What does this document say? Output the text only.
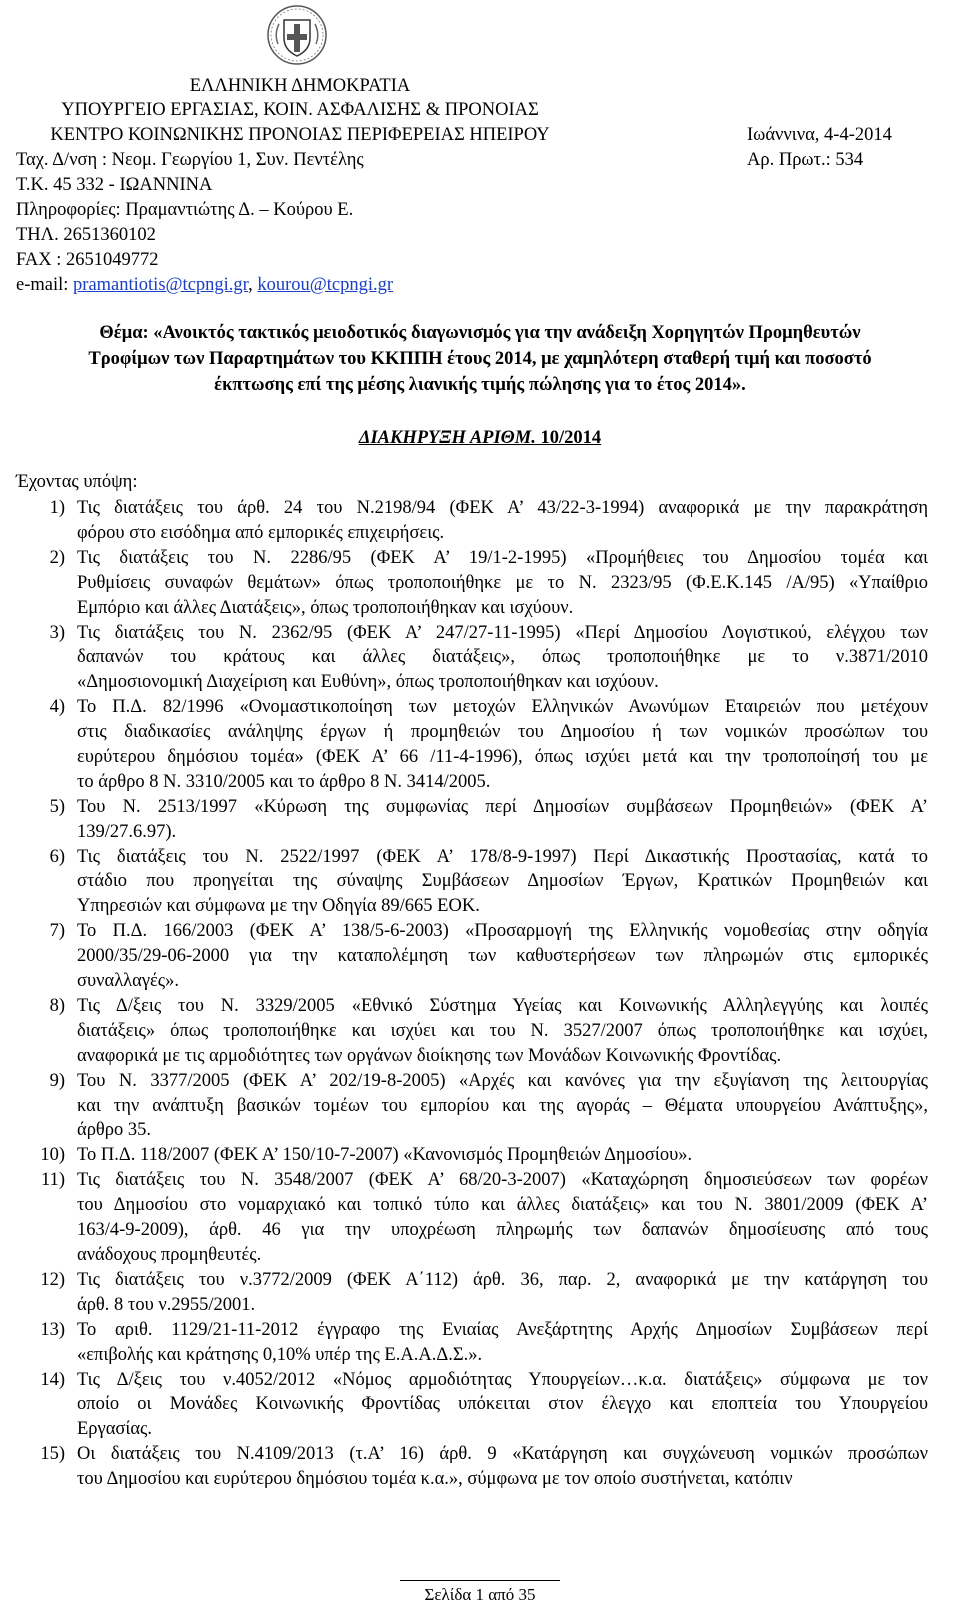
ΕΛΛΗΝΙΚΗ ΔΗΜΟΚΡΑΤΙΑ
ΥΠΟΥΡΓΕΙΟ ΕΡΓΑΣΙΑΣ, ΚΟΙΝ. ΑΣΦΑΛΙΣΗΣ & ΠΡΟΝΟΙΑΣ
ΚΕΝΤΡΟ ΚΟΙΝΩΝΙΚΗΣ ΠΡΟΝΟΙΑΣ ΠΕΡΙΦΕΡΕΙΑΣ ΗΠΕΙΡΟΥ
Ταχ. Δ/νση : Νεομ. Γεωργίου 1, Συν. Πεντέλης
Τ.Κ. 45 332 - ΙΩΑΝΝΙΝΑ
Πληροφορίες: Πραμαντιώτης Δ. – Κούρου Ε.
ΤΗΛ. 2651360102
FAX : 2651049772
e-mail: pramantiotis@tcpngi.gr, kourou@tcpngi.gr
Ιωάννινα, 4-4-2014
Αρ. Πρωτ.: 534
Θέμα: «Ανοικτός τακτικός μειοδοτικός διαγωνισμός για την ανάδειξη Χορηγητών Προμηθευτών
Τροφίμων των Παραρτημάτων του ΚΚΠΠΗ έτους 2014, με χαμηλότερη σταθερή τιμή και ποσοστό
έκπτωσης επί της μέσης λιανικής τιμής πώλησης για το έτος 2014».
ΔΙΑΚΗΡΥΞΗ ΑΡΙΘΜ. 10/2014
Έχοντας υπόψη:
1) Τις διατάξεις του άρθ. 24 του Ν.2198/94 (ΦΕΚ Α’ 43/22-3-1994) αναφορικά με την παρακράτηση
φόρου στο εισόδημα από εμπορικές επιχειρήσεις.
2) Τις διατάξεις του Ν. 2286/95 (ΦΕΚ Α’ 19/1-2-1995) «Προμήθειες του Δημοσίου τομέα και
Ρυθμίσεις συναφών θεμάτων» όπως τροποποιήθηκε με το Ν. 2323/95 (Φ.Ε.Κ.145 /Α/95) «Υπαίθριο
Εμπόριο και άλλες Διατάξεις», όπως τροποποιήθηκαν και ισχύουν.
3) Τις διατάξεις του Ν. 2362/95 (ΦΕΚ Α’ 247/27-11-1995) «Περί Δημοσίου Λογιστικού, ελέγχου των
δαπανών του κράτους και άλλες διατάξεις», όπως τροποποιήθηκε με το ν.3871/2010
«Δημοσιονομική Διαχείριση και Ευθύνη», όπως τροποποιήθηκαν και ισχύουν.
4) Το Π.Δ. 82/1996 «Ονομαστικοποίηση των μετοχών Ελληνικών Ανωνύμων Εταιρειών που μετέχουν
στις διαδικασίες ανάληψης έργων ή προμηθειών του Δημοσίου ή των νομικών προσώπων του
ευρύτερου δημόσιου τομέα» (ΦΕΚ Α’ 66 /11-4-1996), όπως ισχύει μετά και την τροποποίησή του με
το άρθρο 8 Ν. 3310/2005 και το άρθρο 8 Ν. 3414/2005.
5) Του Ν. 2513/1997 «Κύρωση της συμφωνίας περί Δημοσίων συμβάσεων Προμηθειών» (ΦΕΚ Α’
139/27.6.97).
6) Τις διατάξεις του Ν. 2522/1997 (ΦΕΚ Α’ 178/8-9-1997) Περί Δικαστικής Προστασίας, κατά το
στάδιο που προηγείται της σύναψης Συμβάσεων Δημοσίων Έργων, Κρατικών Προμηθειών και
Υπηρεσιών και σύμφωνα με την Οδηγία 89/665 ΕΟΚ.
7) Το Π.Δ. 166/2003 (ΦΕΚ Α’ 138/5-6-2003) «Προσαρμογή της Ελληνικής νομοθεσίας στην οδηγία
2000/35/29-06-2000 για την καταπολέμηση των καθυστερήσεων των πληρωμών στις εμπορικές
συναλλαγές».
8) Τις Δ/ξεις του Ν. 3329/2005 «Εθνικό Σύστημα Υγείας και Κοινωνικής Αλληλεγγύης και λοιπές
διατάξεις» όπως τροποποιήθηκε και ισχύει και του Ν. 3527/2007 όπως τροποποιήθηκε και ισχύει,
αναφορικά με τις αρμοδιότητες των οργάνων διοίκησης των Μονάδων Κοινωνικής Φροντίδας.
9) Του Ν. 3377/2005 (ΦΕΚ Α’ 202/19-8-2005) «Αρχές και κανόνες για την εξυγίανση της λειτουργίας
και την ανάπτυξη βασικών τομέων του εμπορίου και της αγοράς – Θέματα υπουργείου Ανάπτυξης»,
άρθρο 35.
10) Το Π.Δ. 118/2007 (ΦΕΚ Α’ 150/10-7-2007) «Κανονισμός Προμηθειών Δημοσίου».
11) Τις διατάξεις του Ν. 3548/2007 (ΦΕΚ Α’ 68/20-3-2007) «Καταχώρηση δημοσιεύσεων των φορέων
του Δημοσίου στο νομαρχιακό και τοπικό τύπο και άλλες διατάξεις» και του Ν. 3801/2009 (ΦΕΚ Α’
163/4-9-2009), άρθ. 46 για την υποχρέωση πληρωμής των δαπανών δημοσίευσης από τους
ανάδοχους προμηθευτές.
12) Τις διατάξεις του ν.3772/2009 (ΦΕΚ Α΄112) άρθ. 36, παρ. 2, αναφορικά με την κατάργηση του
άρθ. 8 του ν.2955/2001.
13) Το αριθ. 1129/21-11-2012 έγγραφο της Ενιαίας Ανεξάρτητης Αρχής Δημοσίων Συμβάσεων περί
«επιβολής και κράτησης 0,10% υπέρ της Ε.Α.Α.Δ.Σ.».
14) Τις Δ/ξεις του ν.4052/2012 «Νόμος αρμοδιότητας Υπουργείων…κ.α. διατάξεις» σύμφωνα με τον
οποίο οι Μονάδες Κοινωνικής Φροντίδας υπόκειται στον έλεγχο και εποπτεία του Υπουργείου
Εργασίας.
15) Οι διατάξεις του Ν.4109/2013 (τ.Α’ 16) άρθ. 9 «Κατάργηση και συγχώνευση νομικών προσώπων
του Δημοσίου και ευρύτερου δημόσιου τομέα κ.α.», σύμφωνα με τον οποίο συστήνεται, κατόπιν
Σελίδα 1 από 35
